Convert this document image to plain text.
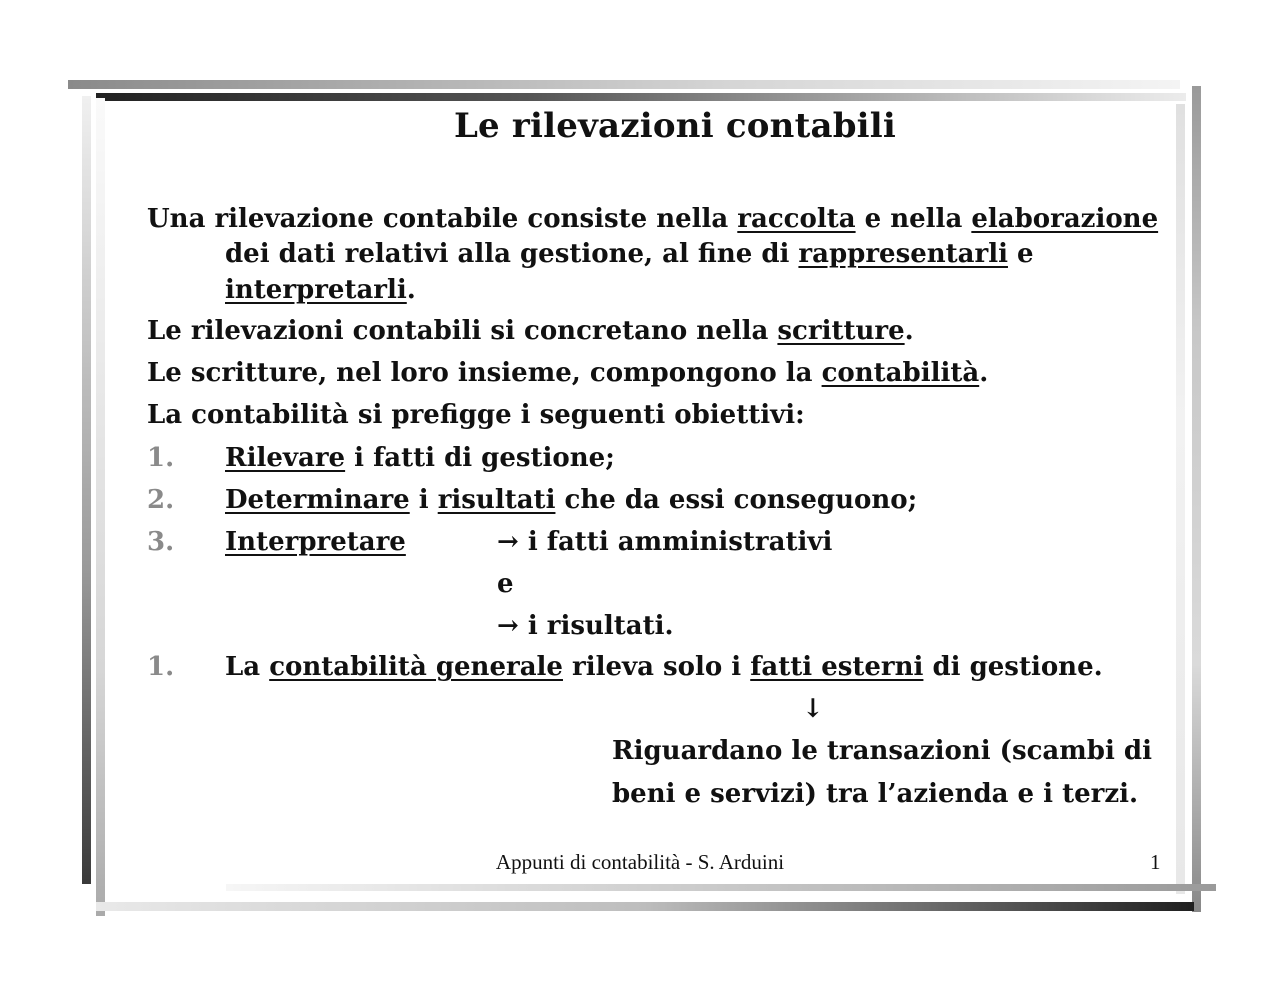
Le rilevazioni contabili
Una rilevazione contabile consiste nella raccolta e nella elaborazione
dei dati relativi alla gestione, al fine di rappresentarli e
interpretarli.
Le rilevazioni contabili si concretano nella scritture.
Le scritture, nel loro insieme, compongono la contabilità.
La contabilità si prefigge i seguenti obiettivi:
1. Rilevare i fatti di gestione;
2. Determinare i risultati che da essi conseguono;
3. Interpretare	→ i fatti amministrativi
e
→ i risultati.
1. La contabilità generale rileva solo i fatti esterni di gestione.
↓
Riguardano le transazioni (scambi di
beni e servizi) tra l’azienda e i terzi.
Appunti di contabilità - S. Arduini	1
